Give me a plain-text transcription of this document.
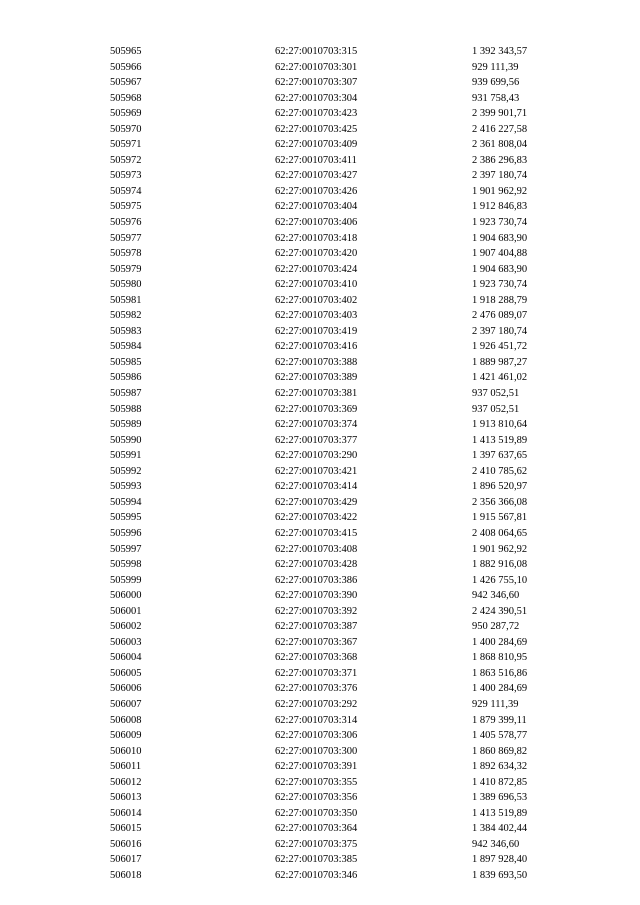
505965	62:27:0010703:315	1 392 343,57
505966	62:27:0010703:301	929 111,39
505967	62:27:0010703:307	939 699,56
505968	62:27:0010703:304	931 758,43
505969	62:27:0010703:423	2 399 901,71
505970	62:27:0010703:425	2 416 227,58
505971	62:27:0010703:409	2 361 808,04
505972	62:27:0010703:411	2 386 296,83
505973	62:27:0010703:427	2 397 180,74
505974	62:27:0010703:426	1 901 962,92
505975	62:27:0010703:404	1 912 846,83
505976	62:27:0010703:406	1 923 730,74
505977	62:27:0010703:418	1 904 683,90
505978	62:27:0010703:420	1 907 404,88
505979	62:27:0010703:424	1 904 683,90
505980	62:27:0010703:410	1 923 730,74
505981	62:27:0010703:402	1 918 288,79
505982	62:27:0010703:403	2 476 089,07
505983	62:27:0010703:419	2 397 180,74
505984	62:27:0010703:416	1 926 451,72
505985	62:27:0010703:388	1 889 987,27
505986	62:27:0010703:389	1 421 461,02
505987	62:27:0010703:381	937 052,51
505988	62:27:0010703:369	937 052,51
505989	62:27:0010703:374	1 913 810,64
505990	62:27:0010703:377	1 413 519,89
505991	62:27:0010703:290	1 397 637,65
505992	62:27:0010703:421	2 410 785,62
505993	62:27:0010703:414	1 896 520,97
505994	62:27:0010703:429	2 356 366,08
505995	62:27:0010703:422	1 915 567,81
505996	62:27:0010703:415	2 408 064,65
505997	62:27:0010703:408	1 901 962,92
505998	62:27:0010703:428	1 882 916,08
505999	62:27:0010703:386	1 426 755,10
506000	62:27:0010703:390	942 346,60
506001	62:27:0010703:392	2 424 390,51
506002	62:27:0010703:387	950 287,72
506003	62:27:0010703:367	1 400 284,69
506004	62:27:0010703:368	1 868 810,95
506005	62:27:0010703:371	1 863 516,86
506006	62:27:0010703:376	1 400 284,69
506007	62:27:0010703:292	929 111,39
506008	62:27:0010703:314	1 879 399,11
506009	62:27:0010703:306	1 405 578,77
506010	62:27:0010703:300	1 860 869,82
506011	62:27:0010703:391	1 892 634,32
506012	62:27:0010703:355	1 410 872,85
506013	62:27:0010703:356	1 389 696,53
506014	62:27:0010703:350	1 413 519,89
506015	62:27:0010703:364	1 384 402,44
506016	62:27:0010703:375	942 346,60
506017	62:27:0010703:385	1 897 928,40
506018	62:27:0010703:346	1 839 693,50
